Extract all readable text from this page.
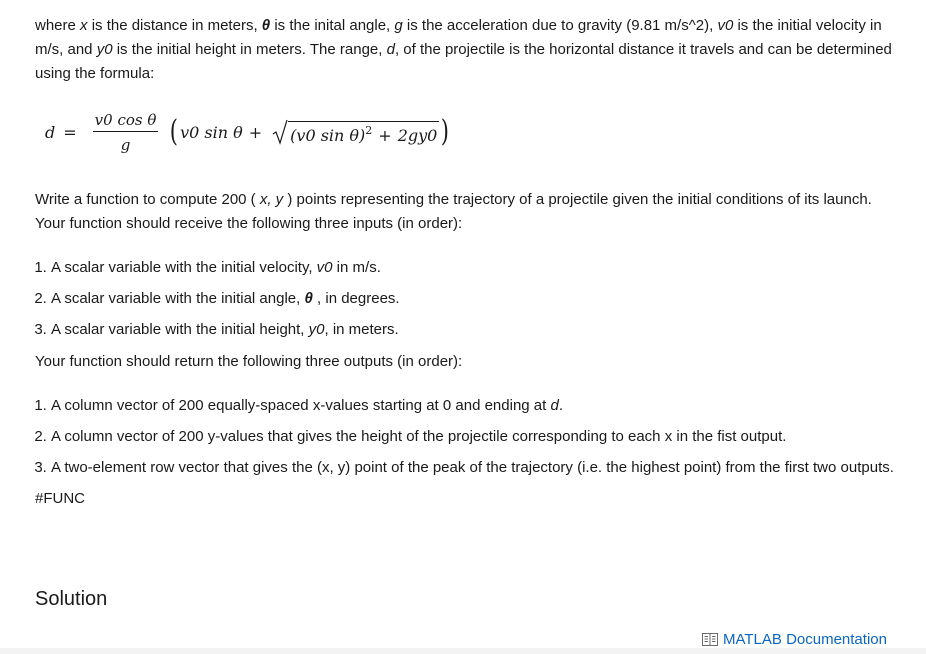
where x is the distance in meters, θ is the inital angle, g is the acceleration due to gravity (9.81 m/s^2), v0 is the initial velocity in m/s, and y0 is the initial height in meters. The range, d, of the projectile is the horizontal distance it travels and can be determined using the formula:

$d = \frac{\text{v0 cos θ}}{g}$ ( v0 sin θ + (v0 sin θ)$^2$ + 2gy0 )

Write a function to compute 200 ( x, y ) points representing the trajectory of a projectile given the initial conditions of its launch. Your function should receive the following three inputs (in order):

1. A scalar variable with the initial velocity, v0 in m/s.
2. A scalar variable with the initial angle, θ , in degrees.
3. A scalar variable with the initial height, y0, in meters.

Your function should return the following three outputs (in order):

1. A column vector of 200 equally-spaced x-values starting at 0 and ending at d.
2. A column vector of 200 y-values that gives the height of the projectile corresponding to each x in the fist output.
3. A two-element row vector that gives the (x, y) point of the peak of the trajectory (i.e. the highest point) from the first two outputs.

#FUNC

Solution
MATLAB Documentation
